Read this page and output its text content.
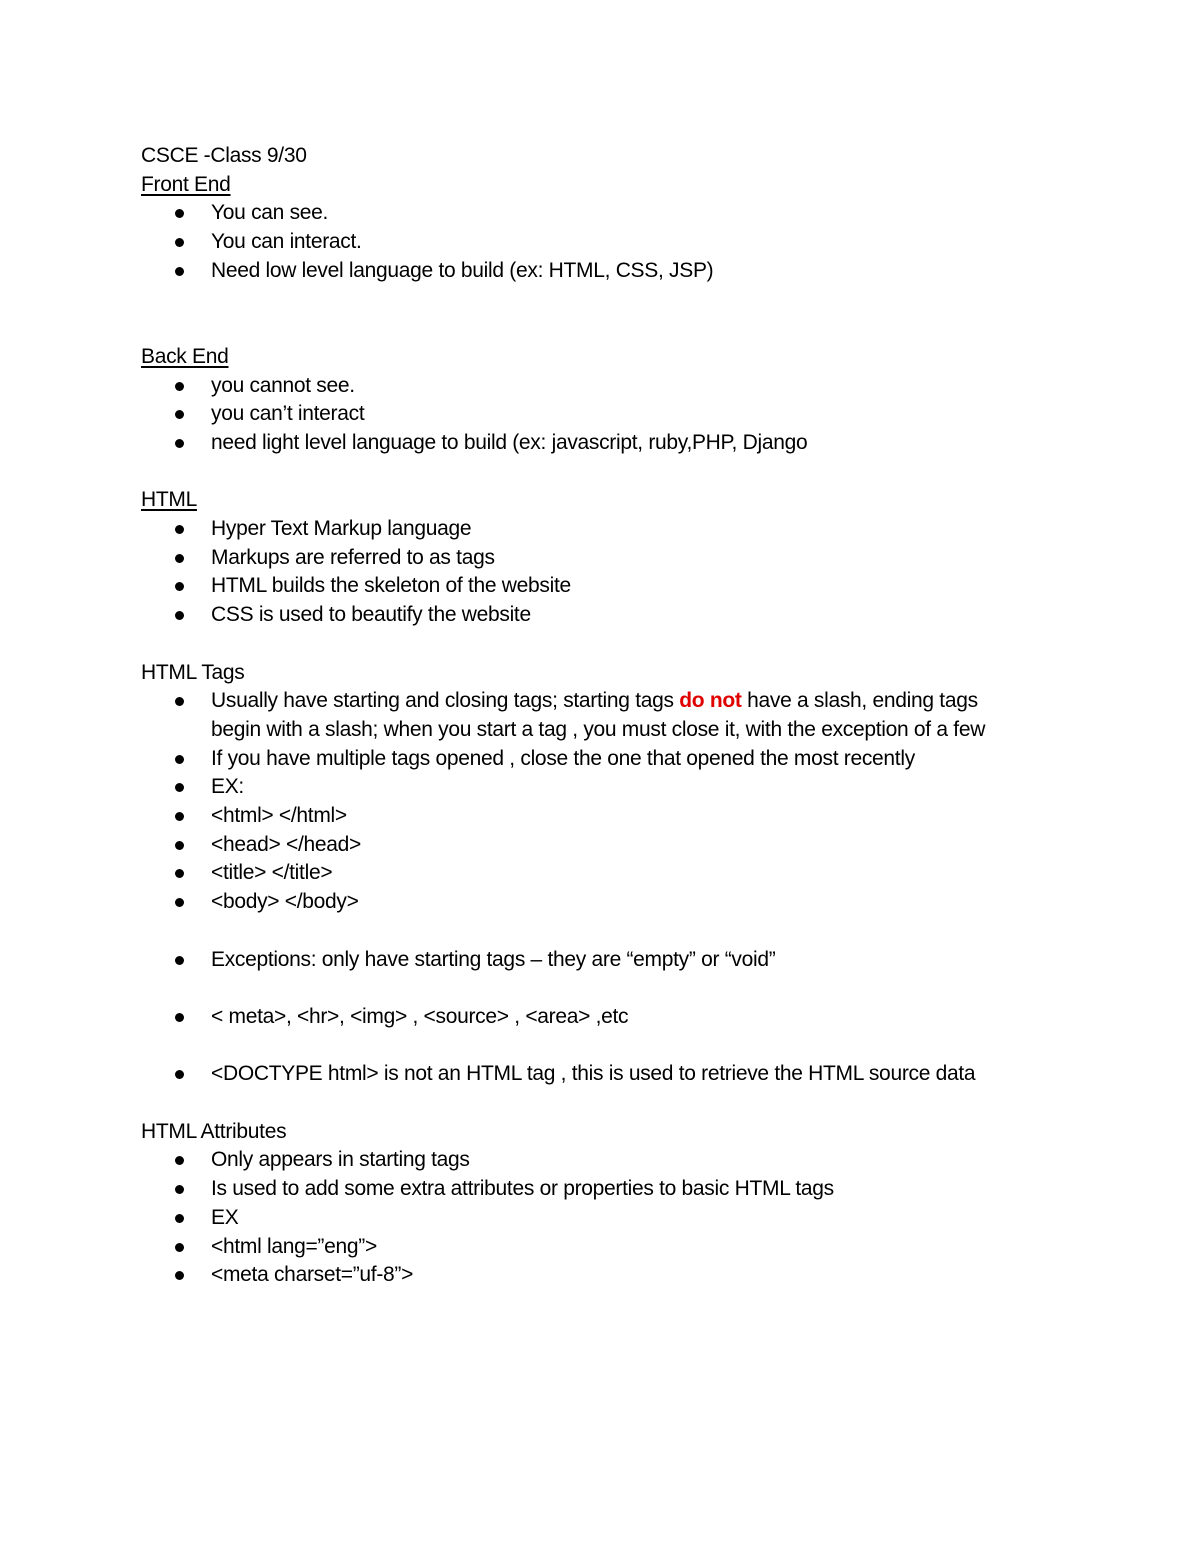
CSCE -Class 9/30
Front End
You can see.
You can interact.
Need low level language to build (ex: HTML, CSS, JSP)
Back End
you cannot see.
you can’t interact
need light level language to build (ex: javascript, ruby,PHP, Django
HTML
Hyper Text Markup language
Markups are referred to as tags
HTML builds the skeleton of the website
CSS is used to beautify the website
HTML Tags
Usually have starting and closing tags; starting tags do not have a slash, ending tags
begin with a slash; when you start a tag , you must close it, with the exception of a few
If you have multiple tags opened , close the one that opened the most recently
EX:
<html> </html>
<head> </head>
<title> </title>
<body> </body>
Exceptions: only have starting tags – they are “empty” or “void”
< meta>, <hr>, <img> , <source> , <area> ,etc
<DOCTYPE html> is not an HTML tag , this is used to retrieve the HTML source data
HTML Attributes
Only appears in starting tags
Is used to add some extra attributes or properties to basic HTML tags
EX
<html lang=”eng”>
<meta charset=”uf-8”>
